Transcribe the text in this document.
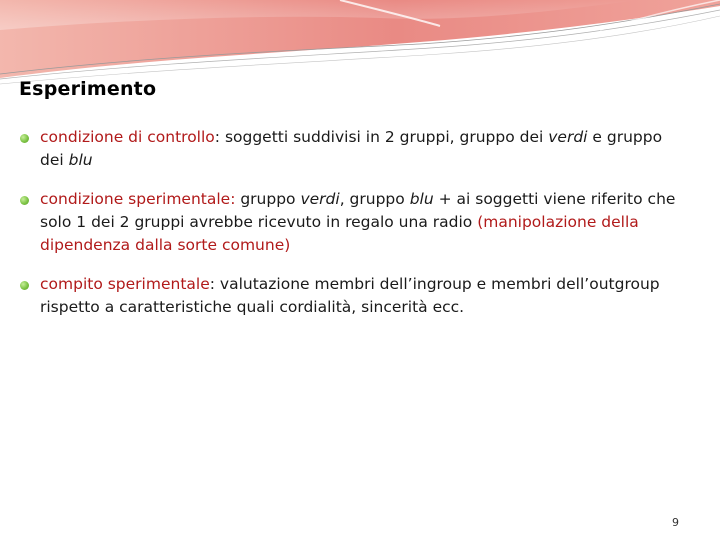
Esperimento
condizione di controllo: soggetti suddivisi in 2 gruppi, gruppo dei verdi e gruppo dei blu
condizione sperimentale: gruppo verdi, gruppo blu + ai soggetti viene riferito che solo 1 dei 2 gruppi avrebbe ricevuto in regalo una radio (manipolazione della dipendenza dalla sorte comune)
compito sperimentale: valutazione membri dell’ingroup e membri dell’outgroup rispetto a caratteristiche quali cordialità, sincerità ecc.
9
